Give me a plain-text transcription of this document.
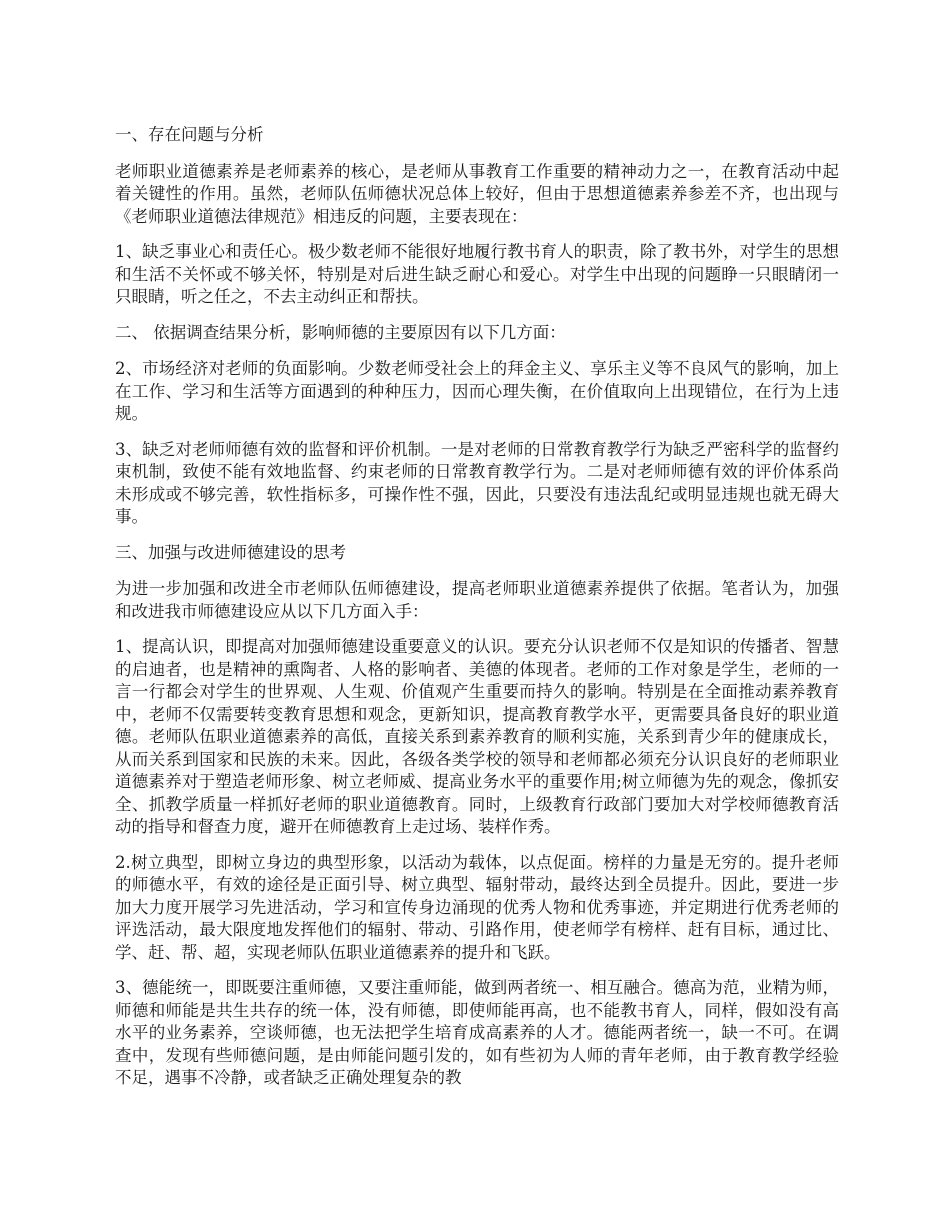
一、存在问题与分析

老师职业道德素养是老师素养的核心，是老师从事教育工作重要的精神动力之一，在教育活动中起着关键性的作用。虽然，老师队伍师德状况总体上较好，但由于思想道德素养参差不齐，也出现与《老师职业道德法律规范》相违反的问题，主要表现在：

1、缺乏事业心和责任心。极少数老师不能很好地履行教书育人的职责，除了教书外，对学生的思想和生活不关怀或不够关怀，特别是对后进生缺乏耐心和爱心。对学生中出现的问题睁一只眼睛闭一只眼睛，听之任之，不去主动纠正和帮扶。

二、 依据调查结果分析，影响师德的主要原因有以下几方面：

2、市场经济对老师的负面影响。少数老师受社会上的拜金主义、享乐主义等不良风气的影响，加上在工作、学习和生活等方面遇到的种种压力，因而心理失衡，在价值取向上出现错位，在行为上违规。

3、缺乏对老师师德有效的监督和评价机制。一是对老师的日常教育教学行为缺乏严密科学的监督约束机制，致使不能有效地监督、约束老师的日常教育教学行为。二是对老师师德有效的评价体系尚未形成或不够完善，软性指标多，可操作性不强，因此，只要没有违法乱纪或明显违规也就无碍大事。

三、加强与改进师德建设的思考

为进一步加强和改进全市老师队伍师德建设，提高老师职业道德素养提供了依据。笔者认为，加强和改进我市师德建设应从以下几方面入手：

1、提高认识，即提高对加强师德建设重要意义的认识。要充分认识老师不仅是知识的传播者、智慧的启迪者，也是精神的熏陶者、人格的影响者、美德的体现者。老师的工作对象是学生，老师的一言一行都会对学生的世界观、人生观、价值观产生重要而持久的影响。特别是在全面推动素养教育中，老师不仅需要转变教育思想和观念，更新知识，提高教育教学水平，更需要具备良好的职业道德。老师队伍职业道德素养的高低，直接关系到素养教育的顺利实施，关系到青少年的健康成长，从而关系到国家和民族的未来。因此，各级各类学校的领导和老师都必须充分认识良好的老师职业道德素养对于塑造老师形象、树立老师威、提高业务水平的重要作用;树立师德为先的观念，像抓安全、抓教学质量一样抓好老师的职业道德教育。同时，上级教育行政部门要加大对学校师德教育活动的指导和督查力度，避开在师德教育上走过场、装样作秀。

2.树立典型，即树立身边的典型形象，以活动为载体，以点促面。榜样的力量是无穷的。提升老师的师德水平，有效的途径是正面引导、树立典型、辐射带动，最终达到全员提升。因此，要进一步加大力度开展学习先进活动，学习和宣传身边涌现的优秀人物和优秀事迹，并定期进行优秀老师的评选活动，最大限度地发挥他们的辐射、带动、引路作用，使老师学有榜样、赶有目标，通过比、学、赶、帮、超，实现老师队伍职业道德素养的提升和飞跃。

3、德能统一，即既要注重师德，又要注重师能，做到两者统一、相互融合。德高为范，业精为师，师德和师能是共生共存的统一体，没有师德，即使师能再高，也不能教书育人，同样，假如没有高水平的业务素养，空谈师德，也无法把学生培育成高素养的人才。德能两者统一，缺一不可。在调查中，发现有些师德问题，是由师能问题引发的，如有些初为人师的青年老师，由于教育教学经验不足，遇事不冷静，或者缺乏正确处理复杂的教
